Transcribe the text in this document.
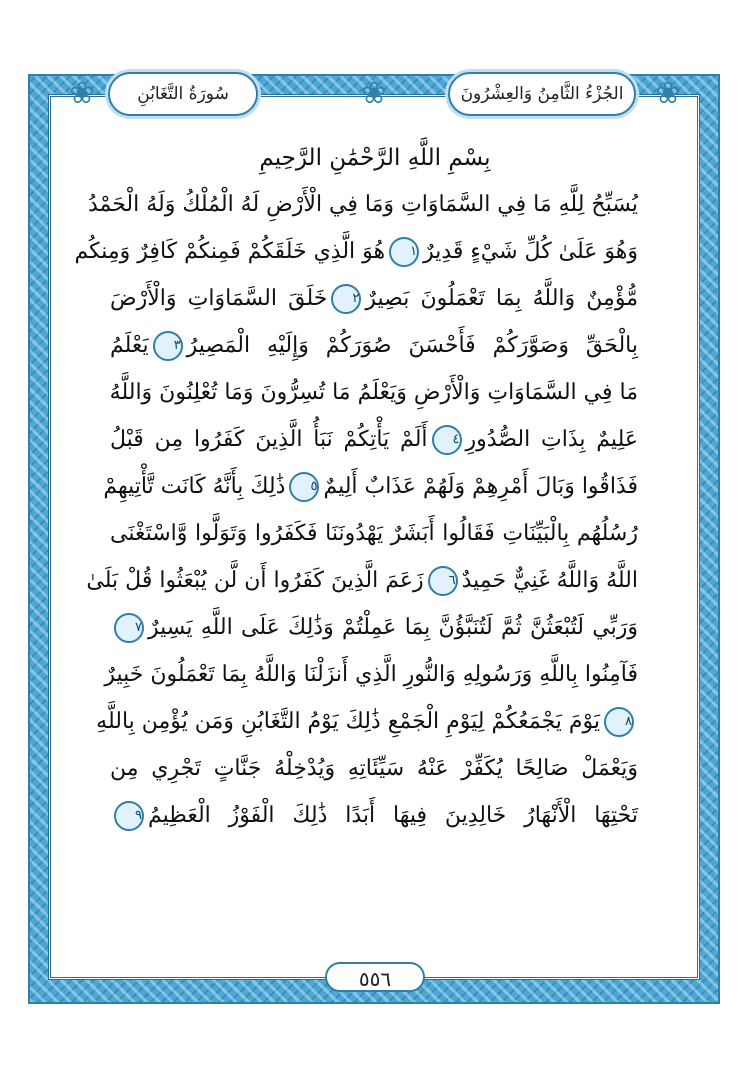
❀	سُورَةُ التَّغَابُنِ	❀	الجُزْءُ الثَّامِنُ وَالعِشْرُونَ ❀
بِسْمِ اللَّهِ الرَّحْمَٰنِ الرَّحِيمِ
يُسَبِّحُ لِلَّهِ مَا فِي السَّمَاوَاتِ وَمَا فِي الْأَرْضِ لَهُ الْمُلْكُ وَلَهُ الْحَمْدُ
وَهُوَ عَلَىٰ كُلِّ شَيْءٍ قَدِيرٌ١هُوَ الَّذِي خَلَقَكُمْ فَمِنكُمْ كَافِرٌ وَمِنكُم
مُّؤْمِنٌ وَاللَّهُ بِمَا تَعْمَلُونَ بَصِيرٌ٢خَلَقَ السَّمَاوَاتِ وَالْأَرْضَ
بِالْحَقِّ وَصَوَّرَكُمْ فَأَحْسَنَ صُوَرَكُمْ وَإِلَيْهِ الْمَصِيرُ٣يَعْلَمُ
مَا فِي السَّمَاوَاتِ وَالْأَرْضِ وَيَعْلَمُ مَا تُسِرُّونَ وَمَا تُعْلِنُونَ وَاللَّهُ
عَلِيمٌ بِذَاتِ الصُّدُورِ٤أَلَمْ يَأْتِكُمْ نَبَأُ الَّذِينَ كَفَرُوا مِن قَبْلُ
فَذَاقُوا وَبَالَ أَمْرِهِمْ وَلَهُمْ عَذَابٌ أَلِيمٌ٥ذَٰلِكَ بِأَنَّهُ كَانَت تَّأْتِيهِمْ
رُسُلُهُم بِالْبَيِّنَاتِ فَقَالُوا أَبَشَرٌ يَهْدُونَنَا فَكَفَرُوا وَتَوَلَّوا وَّاسْتَغْنَى
اللَّهُ وَاللَّهُ غَنِيٌّ حَمِيدٌ٦زَعَمَ الَّذِينَ كَفَرُوا أَن لَّن يُبْعَثُوا قُلْ بَلَىٰ
وَرَبِّي لَتُبْعَثُنَّ ثُمَّ لَتُنَبَّؤُنَّ بِمَا عَمِلْتُمْ وَذَٰلِكَ عَلَى اللَّهِ يَسِيرٌ٧
فَآمِنُوا بِاللَّهِ وَرَسُولِهِ وَالنُّورِ الَّذِي أَنزَلْنَا وَاللَّهُ بِمَا تَعْمَلُونَ خَبِيرٌ
٨يَوْمَ يَجْمَعُكُمْ لِيَوْمِ الْجَمْعِ ذَٰلِكَ يَوْمُ التَّغَابُنِ وَمَن يُؤْمِن بِاللَّهِ
وَيَعْمَلْ صَالِحًا يُكَفِّرْ عَنْهُ سَيِّئَاتِهِ وَيُدْخِلْهُ جَنَّاتٍ تَجْرِي مِن
تَحْتِهَا الْأَنْهَارُ خَالِدِينَ فِيهَا أَبَدًا ذَٰلِكَ الْفَوْزُ الْعَظِيمُ٩
٥٥٦
